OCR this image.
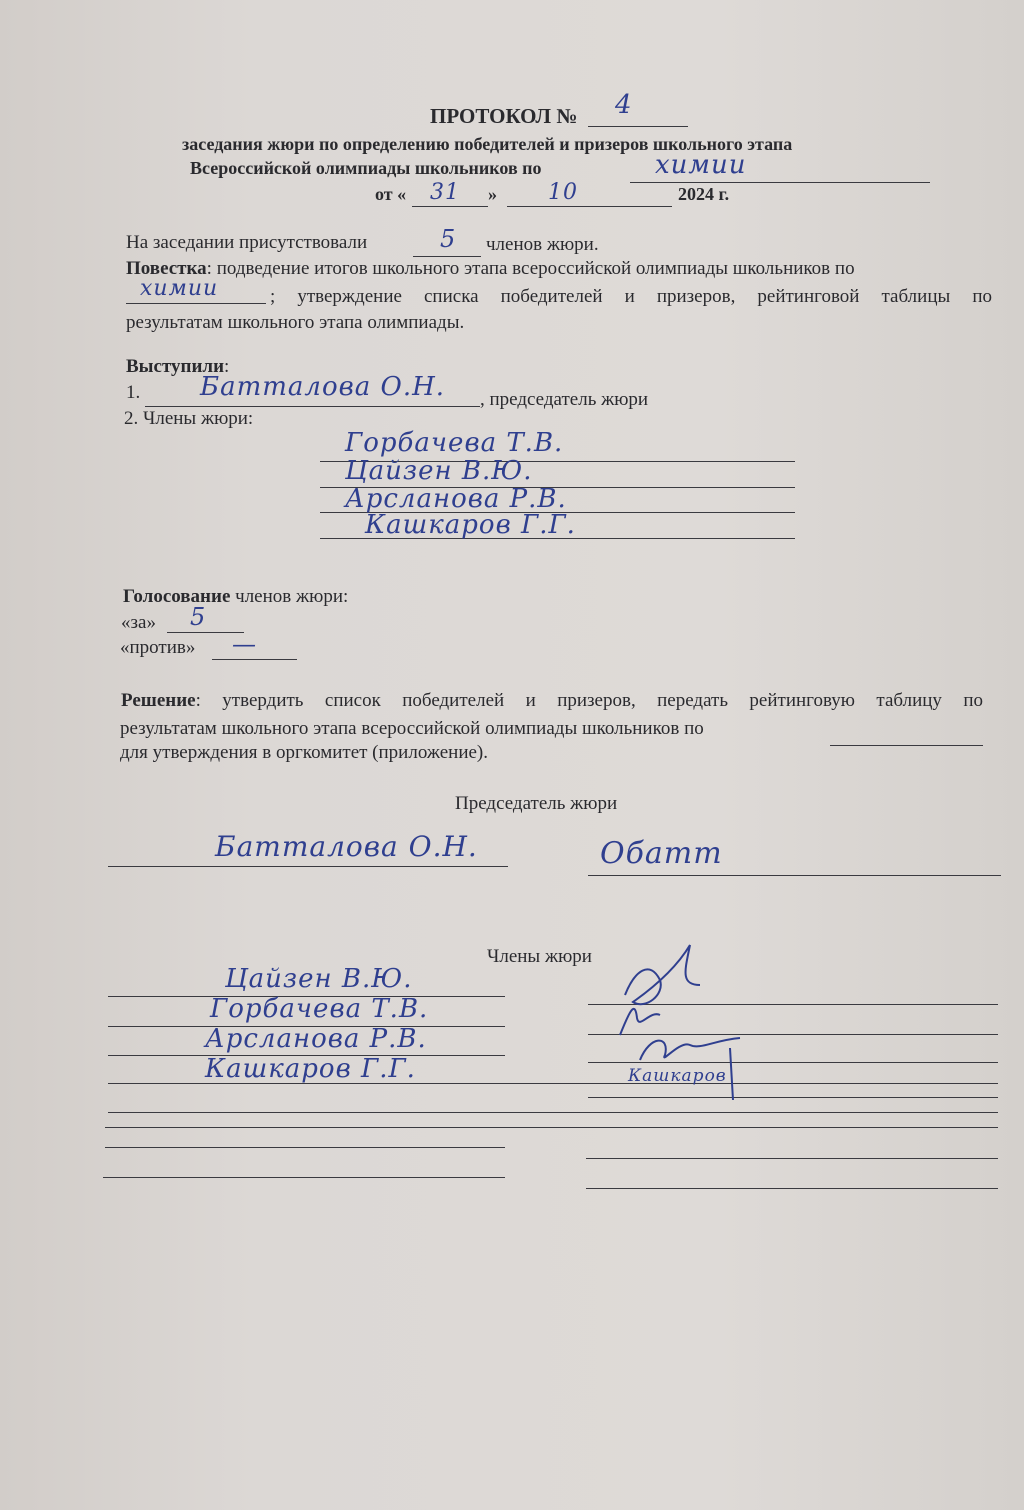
ПРОТОКОЛ № 4
заседания жюри по определению победителей и призеров школьного этапа
Всероссийской олимпиады школьников по	химии
от « 31 » 10	2024 г.
На заседании присутствовали	5 членов жюри.
Повестка: подведение итогов школьного этапа всероссийской олимпиады школьников по
химии	; утверждение списка победителей и призеров, рейтинговой таблицы по
результатам школьного этапа олимпиады.
Выступили:
1. Батталова О.Н. , председатель жюри
2. Члены жюри:
Горбачева Т.В.
Цайзен В.Ю.
Арсланова Р.В.
Кашкаров Г.Г.
Голосование членов жюри:
«за» 5
«против» —
Решение: утвердить список победителей и призеров, передать рейтинговую таблицу по
результатам школьного этапа всероссийской олимпиады школьников по
для утверждения в оргкомитет (приложение).
Председатель жюри
Батталова О.Н.	Обатт
Члены жюри
Цайзен В.Ю.
Горбачева Т.В.
Арсланова Р.В.
Кашкаров Г.Г.	Кашкаров
